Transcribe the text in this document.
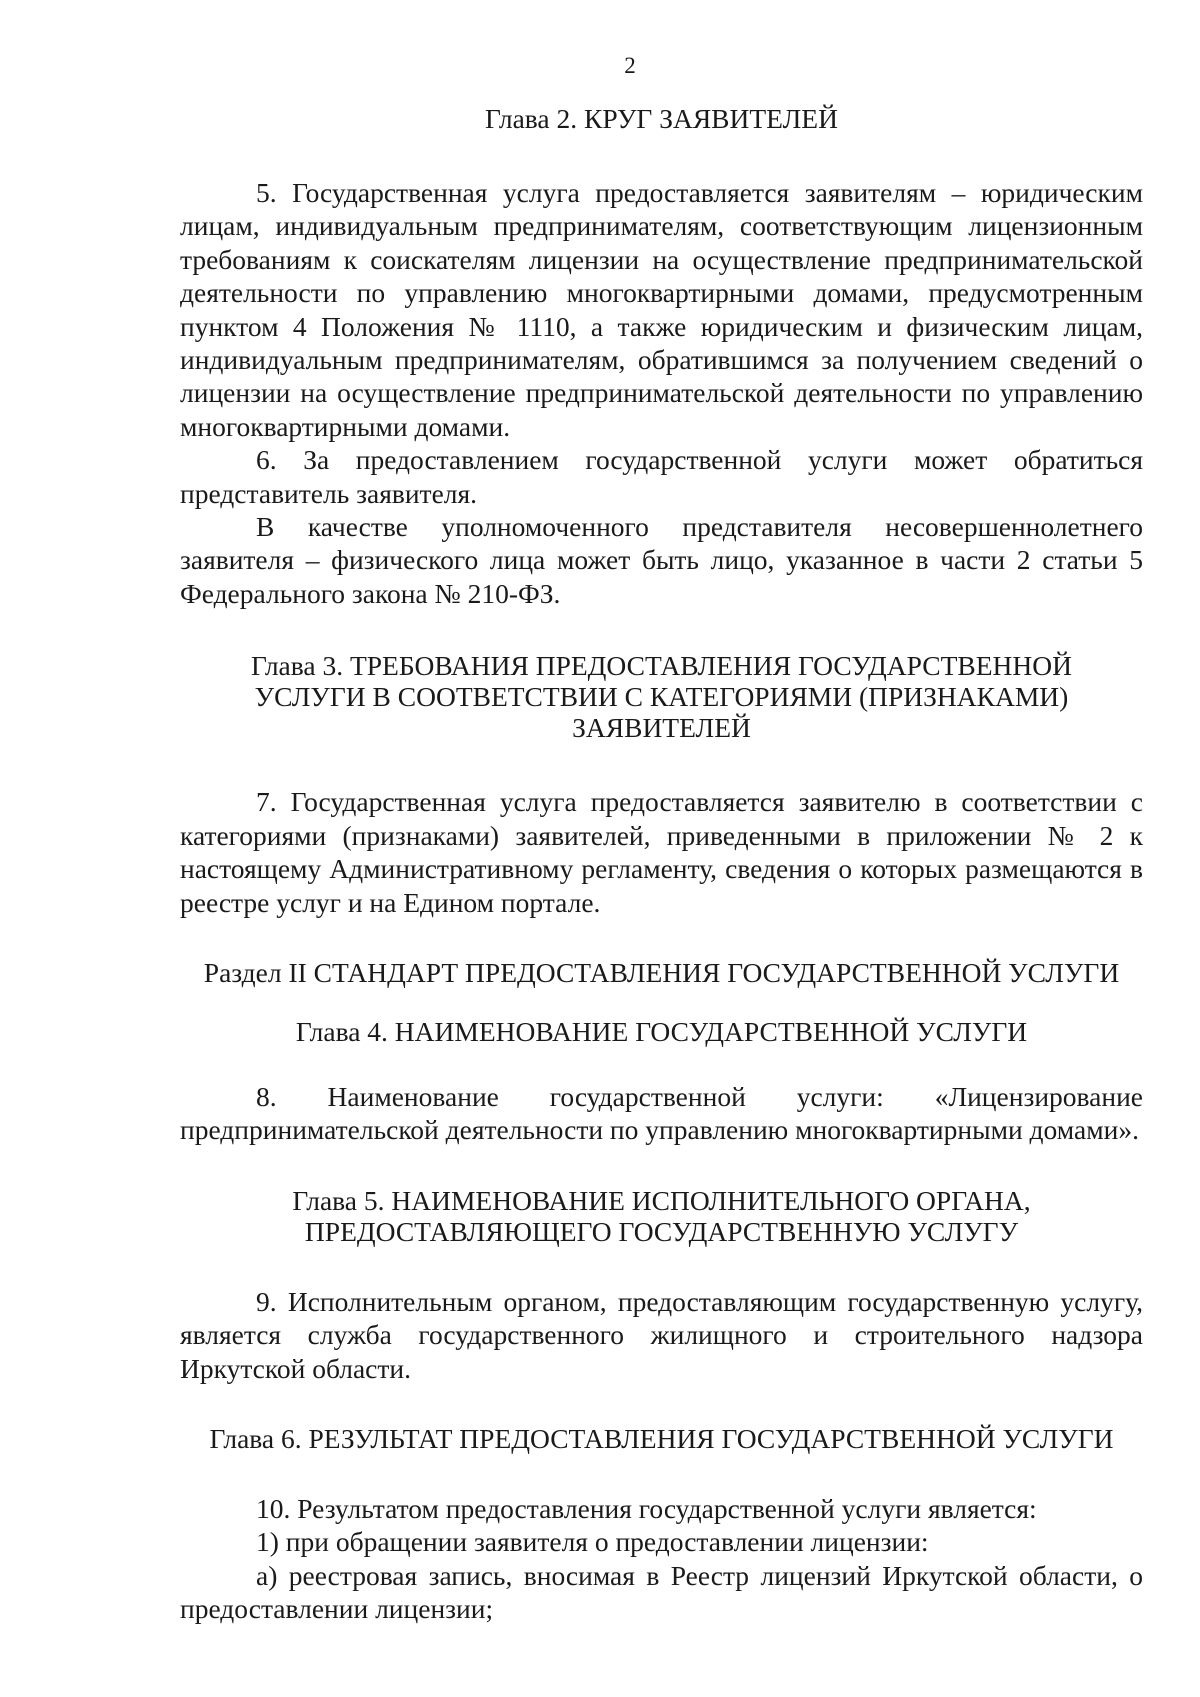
2
Глава 2. КРУГ ЗАЯВИТЕЛЕЙ

5. Государственная услуга предоставляется заявителям – юридическим лицам, индивидуальным предпринимателям, соответствующим лицензионным требованиям к соискателям лицензии на осуществление предпринимательской деятельности по управлению многоквартирными домами, предусмотренным пунктом 4 Положения № 1110, а также юридическим и физическим лицам, индивидуальным предпринимателям, обратившимся за получением сведений о лицензии на осуществление предпринимательской деятельности по управлению многоквартирными домами.

6. За предоставлением государственной услуги может обратиться представитель заявителя.

В качестве уполномоченного представителя несовершеннолетнего заявителя – физического лица может быть лицо, указанное в части 2 статьи 5 Федерального закона № 210-ФЗ.

Глава 3. ТРЕБОВАНИЯ ПРЕДОСТАВЛЕНИЯ ГОСУДАРСТВЕННОЙ
УСЛУГИ В СООТВЕТСТВИИ С КАТЕГОРИЯМИ (ПРИЗНАКАМИ)
ЗАЯВИТЕЛЕЙ

7. Государственная услуга предоставляется заявителю в соответствии с категориями (признаками) заявителей, приведенными в приложении № 2 к настоящему Административному регламенту, сведения о которых размещаются в реестре услуг и на Едином портале.

Раздел II СТАНДАРТ ПРЕДОСТАВЛЕНИЯ ГОСУДАРСТВЕННОЙ УСЛУГИ
Глава 4. НАИМЕНОВАНИЕ ГОСУДАРСТВЕННОЙ УСЛУГИ

8. Наименование государственной услуги: «Лицензирование предпринимательской деятельности по управлению многоквартирными домами».

Глава 5. НАИМЕНОВАНИЕ ИСПОЛНИТЕЛЬНОГО ОРГАНА,
ПРЕДОСТАВЛЯЮЩЕГО ГОСУДАРСТВЕННУЮ УСЛУГУ

9. Исполнительным органом, предоставляющим государственную услугу, является служба государственного жилищного и строительного надзора Иркутской области.

Глава 6. РЕЗУЛЬТАТ ПРЕДОСТАВЛЕНИЯ ГОСУДАРСТВЕННОЙ УСЛУГИ

10. Результатом предоставления государственной услуги является:

1) при обращении заявителя о предоставлении лицензии:

а) реестровая запись, вносимая в Реестр лицензий Иркутской области, о предоставлении лицензии;
